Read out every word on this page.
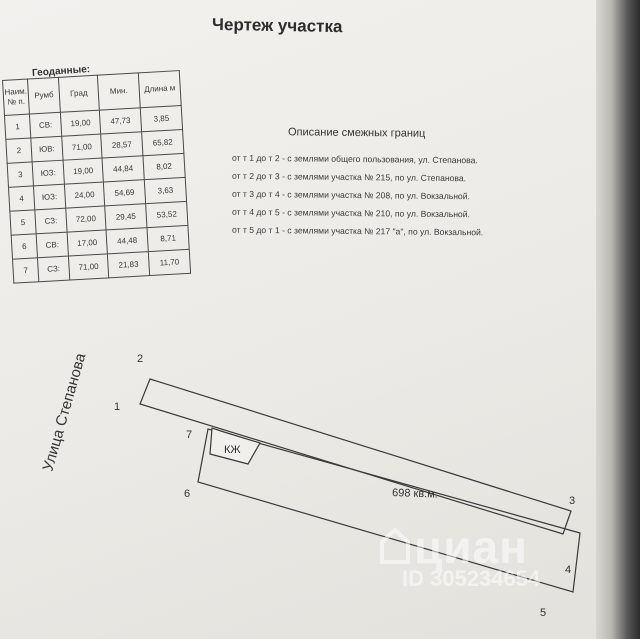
Чертеж участка
Геоданные:
Наим. № п.	Румб	Град	Мин.	Длина м
1	СВ:	19,00	47,73	3,85
2	ЮВ:	71,00	28,57	65,82
3	ЮЗ:	19,00	44,84	8,02
4	ЮЗ:	24,00	54,69	3,63
5	СЗ:	72,00	29,45	53,52
6	СВ:	17,00	44,48	8,71
7	СЗ:	71,00	21,83	11,70
Описание смежных границ
от т 1 до т 2 - с землями общего пользования, ул. Степанова.
от т 2 до т 3 - с землями участка № 215, по ул. Степанова.
от т 3 до т 4 - с землями участка № 208, по ул. Вокзальной.
от т 4 до т 5 - с землями участка № 210, по ул. Вокзальной.
от т 5 до т 1 - с землями участка № 217 "а", по ул. Вокзальной.
КЖ
698 кв.м.
Улица Степанова 1
2
3
4
5
6
7
циан
ID 305234654
